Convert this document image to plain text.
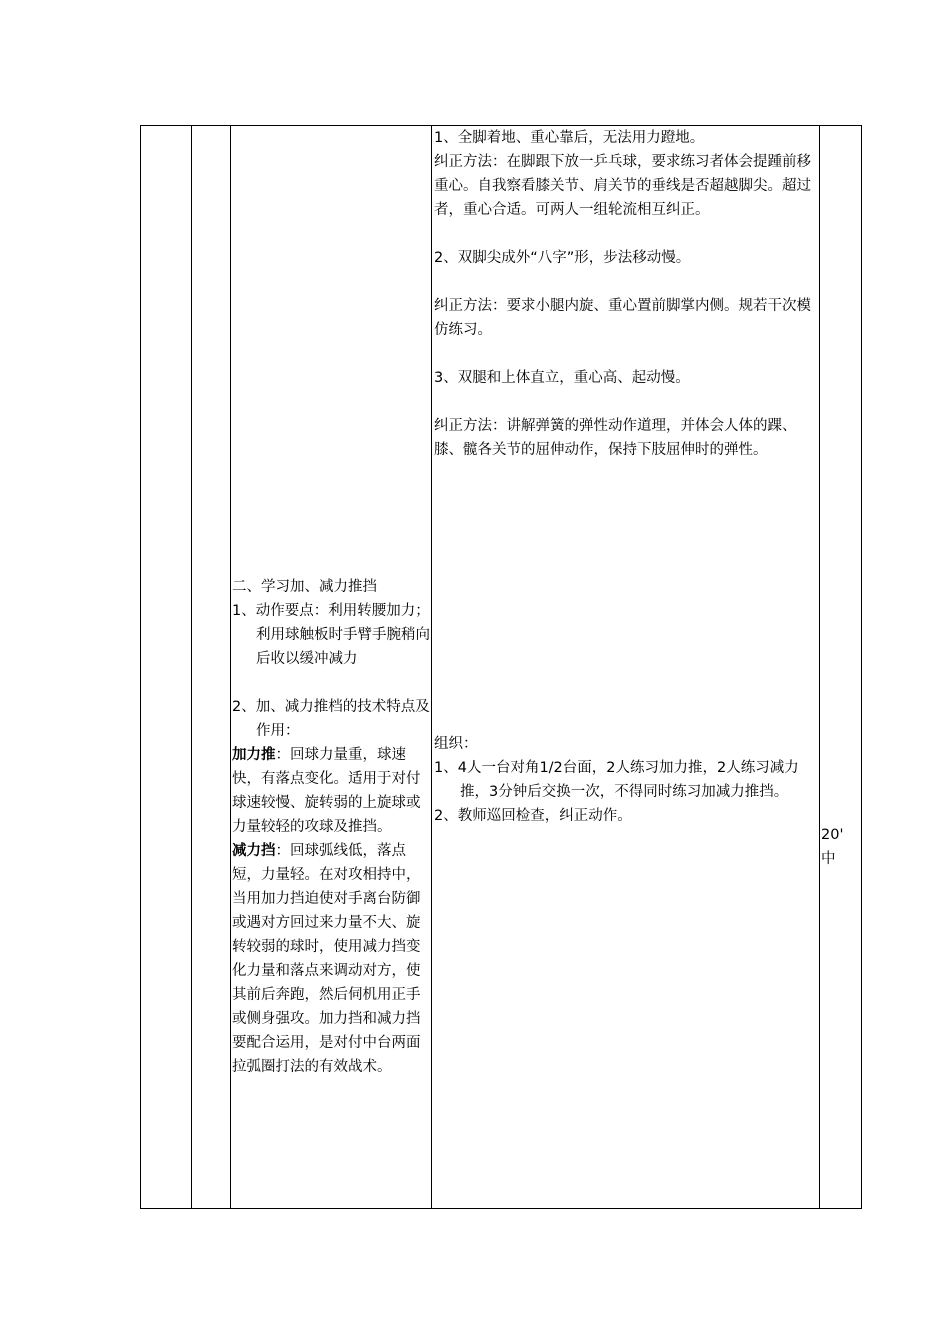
二、学习加、减力推挡

1、动作要点：利用转腰加力；利用球触板时手臂手腕稍向后收以缓冲减力

2、加、减力推档的技术特点及作用：

加力推：回球力量重，球速快，有落点变化。适用于对付球速较慢、旋转弱的上旋球或力量较轻的攻球及推挡。

减力挡：回球弧线低，落点短，力量轻。在对攻相持中，当用加力挡迫使对手离台防御或遇对方回过来力量不大、旋转较弱的球时，使用减力挡变化力量和落点来调动对方，使其前后奔跑，然后伺机用正手或侧身强攻。加力挡和减力挡要配合运用，是对付中台两面拉弧圈打法的有效战术。

1、全脚着地、重心靠后，无法用力蹬地。

纠正方法：在脚跟下放一乒乓球，要求练习者体会提踵前移重心。自我察看膝关节、肩关节的垂线是否超越脚尖。超过者，重心合适。可两人一组轮流相互纠正。

2、双脚尖成外“八字”形，步法移动慢。

纠正方法：要求小腿内旋、重心置前脚掌内侧。规若干次模仿练习。

3、双腿和上体直立，重心高、起动慢。

纠正方法：讲解弹簧的弹性动作道理，并体会人体的踝、膝、髋各关节的屈伸动作，保持下肢屈伸时的弹性。

组织：

1、4人一台对角1/2台面，2人练习加力推，2人练习减力推，3分钟后交换一次，不得同时练习加减力推挡。

2、教师巡回检查，纠正动作。

20'

中
